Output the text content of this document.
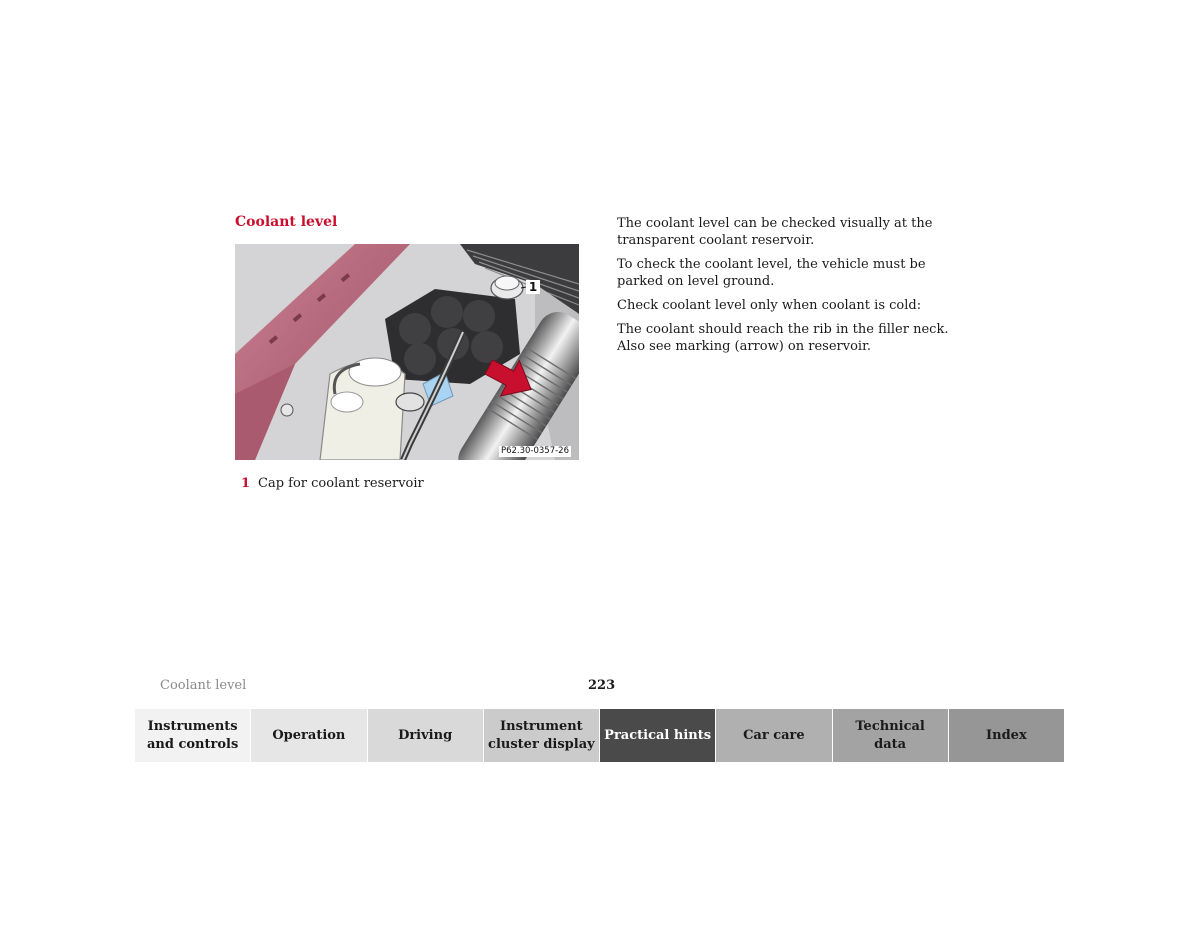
Coolant level
1
P62.30-0357-26
1 Cap for coolant reservoir

The coolant level can be checked visually at the transparent coolant reservoir.

To check the coolant level, the vehicle must be parked on level ground.

Check coolant level only when coolant is cold:

The coolant should reach the rib in the filler neck. Also see marking (arrow) on reservoir.

Coolant level	223
Instruments
and controls
Operation	Driving
Instrument
cluster display
Practical hints	Car care
Technical
data
Index
